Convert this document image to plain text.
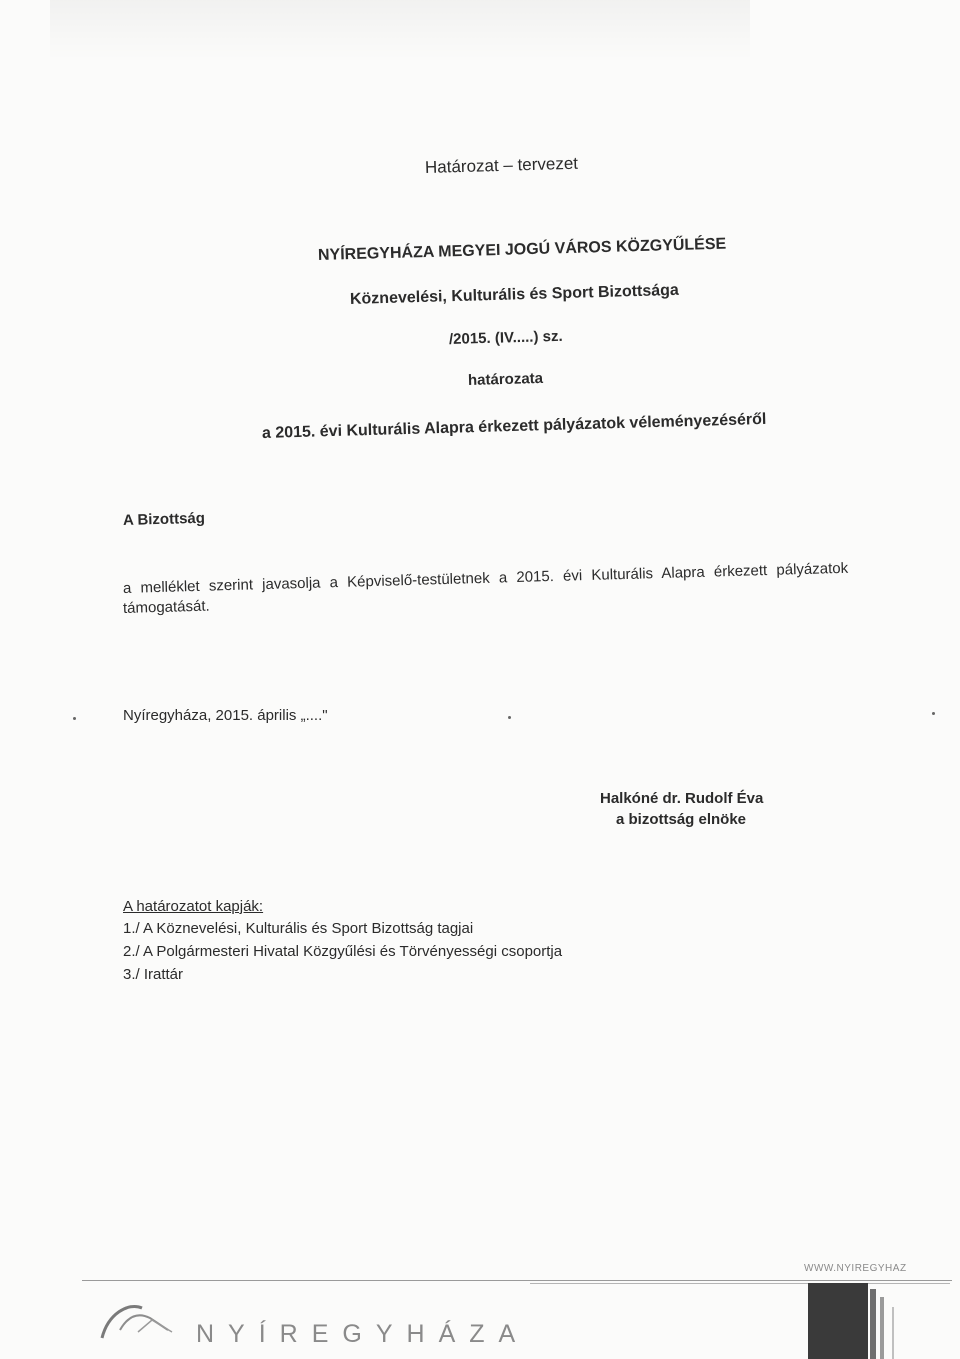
Határozat – tervezet
NYÍREGYHÁZA MEGYEI JOGÚ VÁROS KÖZGYŰLÉSE
Köznevelési, Kulturális és Sport Bizottsága
/2015. (IV.....) sz.
határozata
a 2015. évi Kulturális Alapra érkezett pályázatok véleményezéséről
A Bizottság
a melléklet szerint javasolja a Képviselő-testületnek a 2015. évi Kulturális Alapra érkezett pályázatok
támogatását.
Nyíregyháza, 2015. április „...."
Halkóné dr. Rudolf Éva
a bizottság elnöke
A határozatot kapják:
1./ A Köznevelési, Kulturális és Sport Bizottság tagjai
2./ A Polgármesteri Hivatal Közgyűlési és Törvényességi csoportja
3./ Irattár
WWW.NYIREGYHAZ
NYÍREGYHÁZA
